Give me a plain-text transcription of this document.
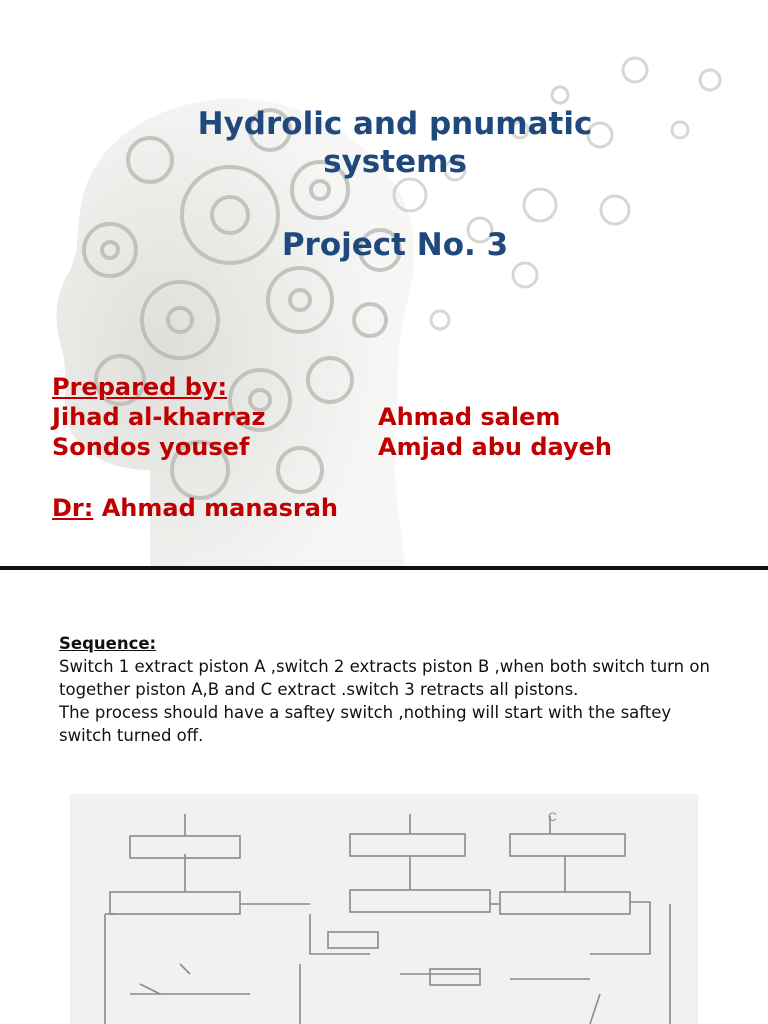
Hydrolic and pnumatic systems
Project No. 3
Prepared by:
Jihad al-kharraz
Sondos yousef
Ahmad salem
Amjad abu dayeh
Dr: Ahmad manasrah
Sequence:
Switch 1 extract piston A ,switch 2 extracts piston B ,when both switch turn on together piston A,B and C extract .switch 3 retracts all pistons.
The process should have a saftey switch ,nothing will start with the saftey switch turned off.
C
